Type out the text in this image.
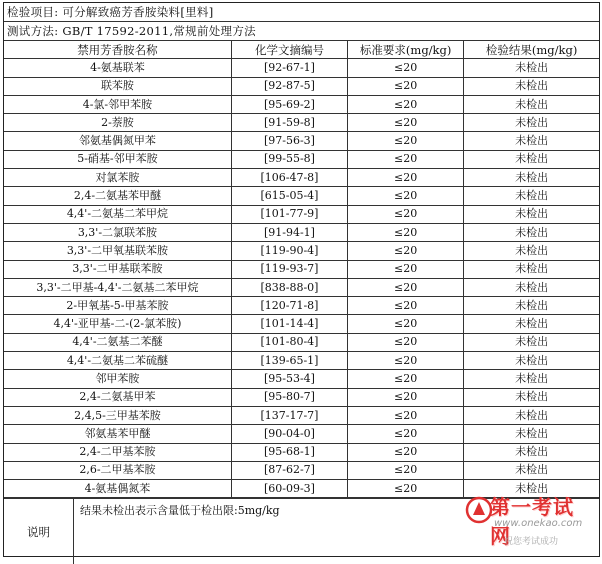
检验项目: 可分解致癌芳香胺染料[里料]
测试方法: GB/T 17592-2011,常规前处理方法
禁用芳香胺名称	化学文摘编号	标准要求(mg/kg)	检验结果(mg/kg)
4-氨基联苯	[92-67-1]	≤20	未检出
联苯胺	[92-87-5]	≤20	未检出
4-氯-邻甲苯胺	[95-69-2]	≤20	未检出
2-萘胺	[91-59-8]	≤20	未检出
邻氨基偶氮甲苯	[97-56-3]	≤20	未检出
5-硝基-邻甲苯胺	[99-55-8]	≤20	未检出
对氯苯胺	[106-47-8]	≤20	未检出
2,4-二氨基苯甲醚	[615-05-4]	≤20	未检出
4,4'-二氨基二苯甲烷	[101-77-9]	≤20	未检出
3,3'-二氯联苯胺	[91-94-1]	≤20	未检出
3,3'-二甲氧基联苯胺	[119-90-4]	≤20	未检出
3,3'-二甲基联苯胺	[119-93-7]	≤20	未检出
3,3'-二甲基-4,4'-二氨基二苯甲烷	[838-88-0]	≤20	未检出
2-甲氧基-5-甲基苯胺	[120-71-8]	≤20	未检出
4,4'-亚甲基-二-(2-氯苯胺)	[101-14-4]	≤20	未检出
4,4'-二氨基二苯醚	[101-80-4]	≤20	未检出
4,4'-二氨基二苯硫醚	[139-65-1]	≤20	未检出
邻甲苯胺	[95-53-4]	≤20	未检出
2,4-二氨基甲苯	[95-80-7]	≤20	未检出
2,4,5-三甲基苯胺	[137-17-7]	≤20	未检出
邻氨基苯甲醚	[90-04-0]	≤20	未检出
2,4-二甲基苯胺	[95-68-1]	≤20	未检出
2,6-二甲基苯胺	[87-62-7]	≤20	未检出
4-氨基偶氮苯	[60-09-3]	≤20	未检出
说明
结果未检出表示含量低于检出限:5mg/kg	第一考试网
www.onekao.com
祝您考试成功
